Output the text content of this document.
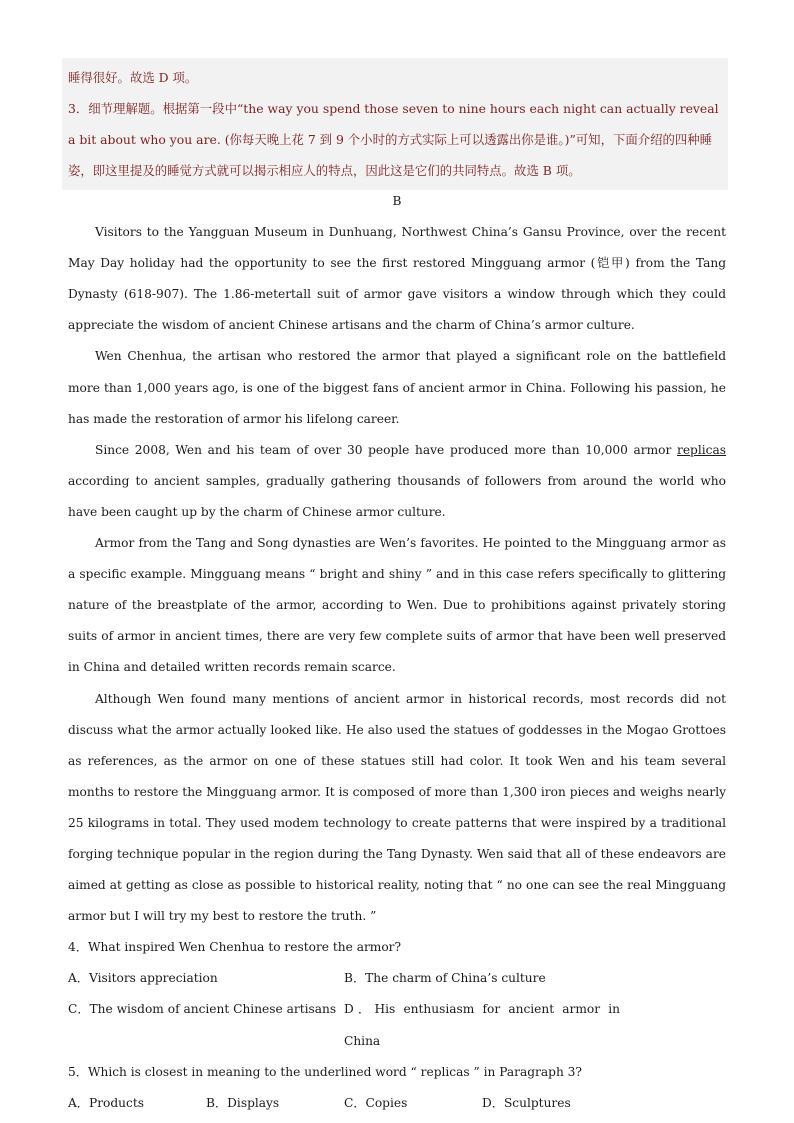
睡得很好。故选 D 项。

3．细节理解题。根据第一段中“the way you spend those seven to nine hours each night can actually reveal a bit about who you are. (你每天晚上花 7 到 9 个小时的方式实际上可以透露出你是谁。)”可知，下面介绍的四种睡姿，即这里提及的睡觉方式就可以揭示相应人的特点，因此这是它们的共同特点。故选 B 项。

B

Visitors to the Yangguan Museum in Dunhuang, Northwest China’s Gansu Province, over the recent May Day holiday had the opportunity to see the first restored Mingguang armor (铠甲) from the Tang Dynasty (618-907). The 1.86-metertall suit of armor gave visitors a window through which they could appreciate the wisdom of ancient Chinese artisans and the charm of China’s armor culture.

Wen Chenhua, the artisan who restored the armor that played a significant role on the battlefield more than 1,000 years ago, is one of the biggest fans of ancient armor in China. Following his passion, he has made the restoration of armor his lifelong career.

Since 2008, Wen and his team of over 30 people have produced more than 10,000 armor replicas according to ancient samples, gradually gathering thousands of followers from around the world who have been caught up by the charm of Chinese armor culture.

Armor from the Tang and Song dynasties are Wen’s favorites. He pointed to the Mingguang armor as a specific example. Mingguang means “ bright and shiny ” and in this case refers specifically to glittering nature of the breastplate of the armor, according to Wen. Due to prohibitions against privately storing suits of armor in ancient times, there are very few complete suits of armor that have been well preserved in China and detailed written records remain scarce.

Although Wen found many mentions of ancient armor in historical records, most records did not discuss what the armor actually looked like. He also used the statues of goddesses in the Mogao Grottoes as references, as the armor on one of these statues still had color. It took Wen and his team several months to restore the Mingguang armor. It is composed of more than 1,300 iron pieces and weighs nearly 25 kilograms in total. They used modem technology to create patterns that were inspired by a traditional forging technique popular in the region during the Tang Dynasty. Wen said that all of these endeavors are aimed at getting as close as possible to historical reality, noting that “ no one can see the real Mingguang armor but I will try my best to restore the truth. ”

4．What inspired Wen Chenhua to restore the armor?

A．Visitors appreciation	B．The charm of China’s culture
C．The wisdom of ancient Chinese artisans D．His enthusiasm for ancient armor in China

5．Which is closest in meaning to the underlined word “ replicas ” in Paragraph 3?

A．Products	B．Displays	C．Copies	D．Sculptures
